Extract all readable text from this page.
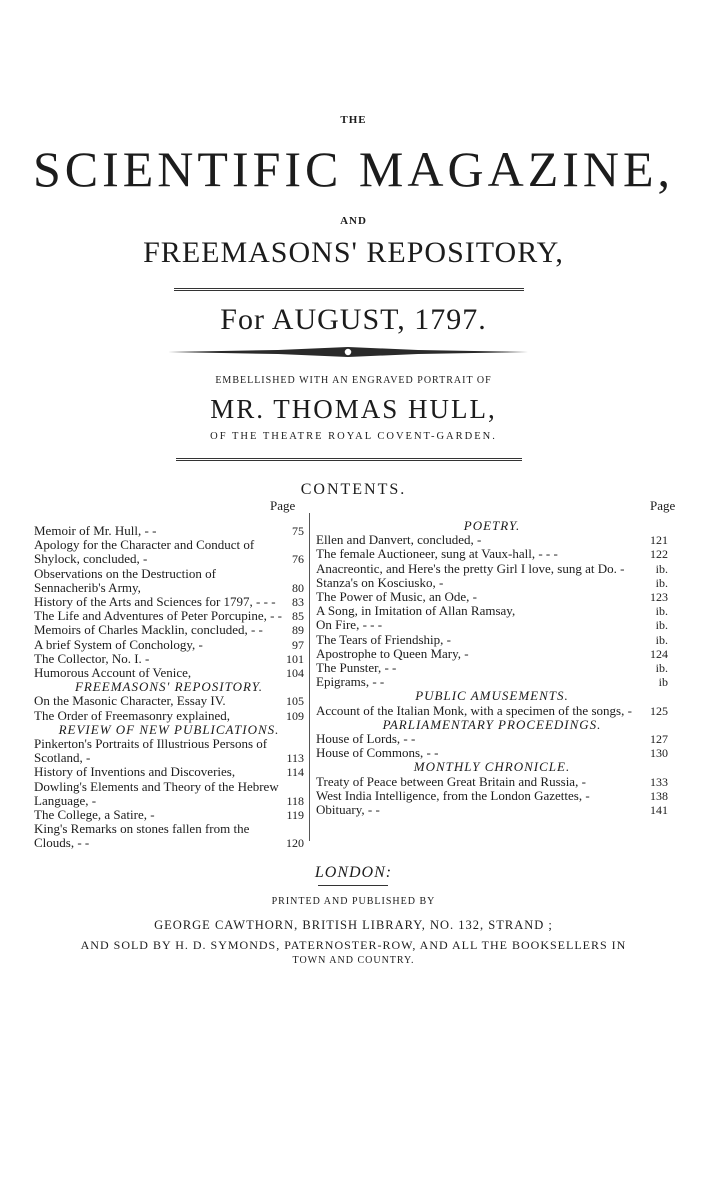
THE
SCIENTIFIC MAGAZINE,
AND
FREEMASONS' REPOSITORY,
For AUGUST, 1797.
EMBELLISHED WITH AN ENGRAVED PORTRAIT OF
MR. THOMAS HULL,
OF THE THEATRE ROYAL COVENT-GARDEN.
CONTENTS.
Page	Page
Memoir of Mr. Hull, - -	75
Apology for the Character and Conduct of Shylock, concluded, -	76
Observations on the Destruction of Sennacherib's Army,	80
History of the Arts and Sciences for 1797, - - -	83
The Life and Adventures of Peter Porcupine, - - 85
Memoirs of Charles Macklin, concluded, - -	89
A brief System of Conchology, -	97
The Collector, No. I. -	101
Humorous Account of Venice,	104
FREEMASONS' REPOSITORY.
On the Masonic Character, Essay IV.	105
The Order of Freemasonry explained,	109
REVIEW OF NEW PUBLICATIONS.
Pinkerton's Portraits of Illustrious Persons of Scotland, -	113
History of Inventions and Discoveries,	114
Dowling's Elements and Theory of the Hebrew Language, -	118
The College, a Satire, -	119
King's Remarks on stones fallen from the Clouds, - -	120
POETRY.
Ellen and Danvert, concluded, -	121
The female Auctioneer, sung at Vaux-hall, - - -	122
Anacreontic, and Here's the pretty Girl I love, sung at Do. -	ib.
Stanza's on Kosciusko, -	ib.
The Power of Music, an Ode, -	123
A Song, in Imitation of Allan Ramsay,	ib.
On Fire, - - -	ib.
The Tears of Friendship, -	ib.
Apostrophe to Queen Mary, -	124
The Punster, - -	ib.
Epigrams, - -	ib
PUBLIC AMUSEMENTS.
Account of the Italian Monk, with a specimen of the songs, -	125
PARLIAMENTARY PROCEEDINGS.
House of Lords, - -	127
House of Commons, - -	130
MONTHLY CHRONICLE.
Treaty of Peace between Great Britain and Russia, -	133
West India Intelligence, from the London Gazettes, -	138
Obituary, - -	141
LONDON:
PRINTED AND PUBLISHED BY
GEORGE CAWTHORN, BRITISH LIBRARY, NO. 132, STRAND ;
AND SOLD BY H. D. SYMONDS, PATERNOSTER-ROW, AND ALL THE BOOKSELLERS IN
TOWN AND COUNTRY.
